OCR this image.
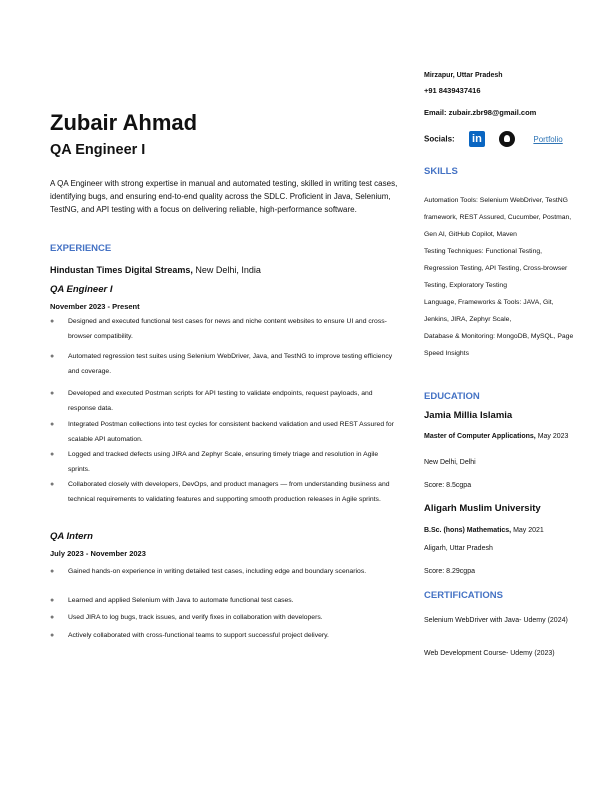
Zubair Ahmad
QA Engineer I
A QA Engineer with strong expertise in manual and automated testing, skilled in writing test cases, identifying bugs, and ensuring end-to-end quality across the SDLC. Proficient in Java, Selenium, TestNG, and API testing with a focus on delivering reliable, high-performance software.
EXPERIENCE
Hindustan Times Digital Streams, New Delhi, India
QA Engineer I
November 2023 - Present
●	Designed and executed functional test cases for news and niche content websites to ensure UI and cross-browser compatibility.
●	Automated regression test suites using Selenium WebDriver, Java, and TestNG to improve testing efficiency and coverage.
●	Developed and executed Postman scripts for API testing to validate endpoints, request payloads, and response data.
●	Integrated Postman collections into test cycles for consistent backend validation and used REST Assured for scalable API automation.
●	Logged and tracked defects using JIRA and Zephyr Scale, ensuring timely triage and resolution in Agile sprints.
●	Collaborated closely with developers, DevOps, and product managers — from understanding business and technical requirements to validating features and supporting smooth production releases in Agile sprints.
QA Intern
July 2023 - November 2023
●	Gained hands-on experience in writing detailed test cases, including edge and boundary scenarios.
●	Learned and applied Selenium with Java to automate functional test cases.
●	Used JIRA to log bugs, track issues, and verify fixes in collaboration with developers.
●	Actively collaborated with cross-functional teams to support successful project delivery.
Mirzapur, Uttar Pradesh
+91 8439437416
Email: zubair.zbr98@gmail.com
Socials: in	Portfolio
SKILLS
Automation Tools: Selenium WebDriver, TestNG framework, REST Assured, Cucumber, Postman, Gen AI, GitHub Copilot, Maven
Testing Techniques: Functional Testing, Regression Testing, API Testing, Cross-browser Testing, Exploratory Testing
Language, Frameworks & Tools: JAVA, Git, Jenkins, JIRA, Zephyr Scale,
Database & Monitoring: MongoDB, MySQL, Page Speed Insights
EDUCATION
Jamia Millia Islamia
Master of Computer Applications, May 2023
New Delhi, Delhi
Score: 8.5cgpa
Aligarh Muslim University
B.Sc. (hons) Mathematics, May 2021
Aligarh, Uttar Pradesh
Score: 8.29cgpa
CERTIFICATIONS
Selenium WebDriver with Java- Udemy (2024)
Web Development Course- Udemy (2023)
